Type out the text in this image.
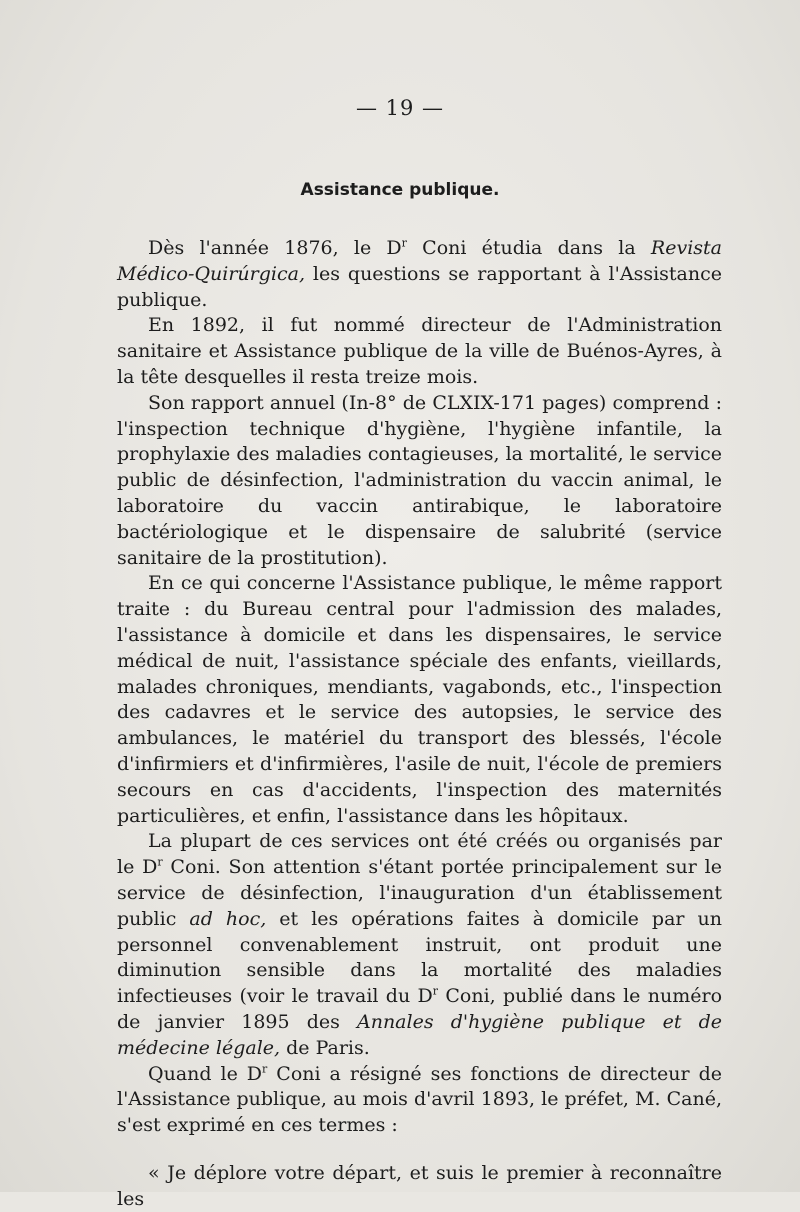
— 19 —
Assistance publique.

Dès l'année 1876, le $D^r$ Coni étudia dans la Revista Médico-Quirúrgica, les questions se rapportant à l'Assistance publique.

En 1892, il fut nommé directeur de l'Administration sanitaire et Assistance publique de la ville de Buénos-Ayres, à la tête desquelles il resta treize mois.

Son rapport annuel (In-8° de CLXIX-171 pages) comprend : l'inspection technique d'hygiène, l'hygiène infantile, la prophylaxie des maladies contagieuses, la mortalité, le service public de désinfection, l'administration du vaccin animal, le laboratoire du vaccin antirabique, le laboratoire bactériologique et le dispensaire de salubrité (service sanitaire de la prostitution).

En ce qui concerne l'Assistance publique, le même rapport traite : du Bureau central pour l'admission des malades, l'assistance à domicile et dans les dispensaires, le service médical de nuit, l'assistance spéciale des enfants, vieillards, malades chroniques, mendiants, vagabonds, etc., l'inspection des cadavres et le service des autopsies, le service des ambulances, le matériel du transport des blessés, l'école d'infirmiers et d'infirmières, l'asile de nuit, l'école de premiers secours en cas d'accidents, l'inspection des maternités particulières, et enfin, l'assistance dans les hôpitaux.

La plupart de ces services ont été créés ou organisés par le $D^r$ Coni. Son attention s'étant portée principalement sur le service de désinfection, l'inauguration d'un établissement public ad hoc, et les opérations faites à domicile par un personnel convenablement instruit, ont produit une diminution sensible dans la mortalité des maladies infectieuses (voir le travail du $D^r$ Coni, publié dans le numéro de janvier 1895 des Annales d'hygiène publique et de médecine légale, de Paris.

Quand le $D^r$ Coni a résigné ses fonctions de directeur de l'Assistance publique, au mois d'avril 1893, le préfet, M. Cané, s'est exprimé en ces termes :

« Je déplore votre départ, et suis le premier à reconnaître les
